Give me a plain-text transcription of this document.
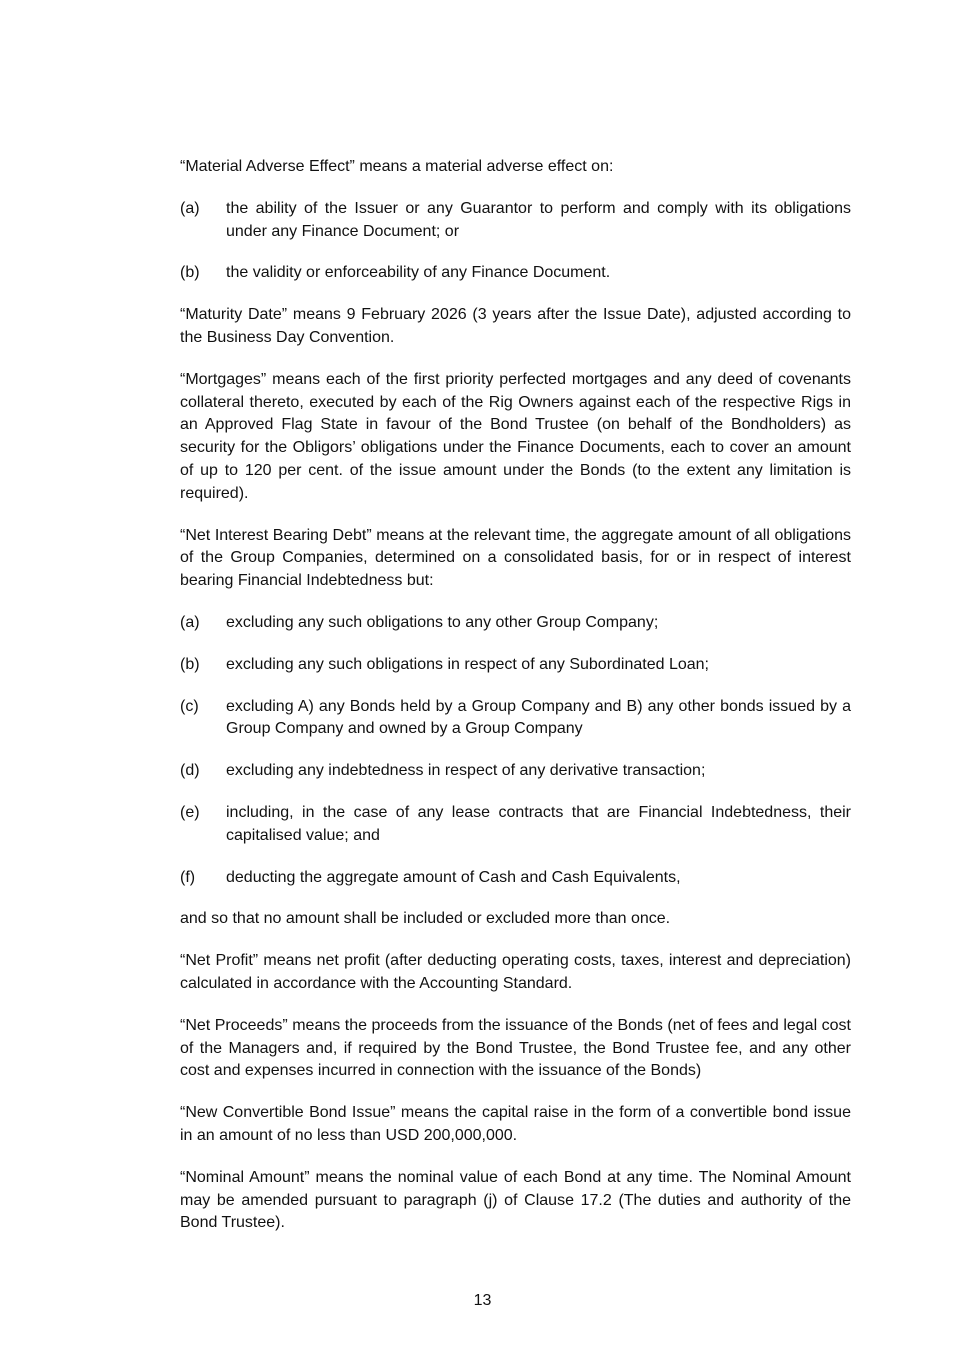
“Material Adverse Effect” means a material adverse effect on:

(a)	the ability of the Issuer or any Guarantor to perform and comply with its obligations under any Finance Document; or
(b)	the validity or enforceability of any Finance Document.

“Maturity Date” means 9 February 2026 (3 years after the Issue Date), adjusted according to the Business Day Convention.

“Mortgages” means each of the first priority perfected mortgages and any deed of covenants collateral thereto, executed by each of the Rig Owners against each of the respective Rigs in an Approved Flag State in favour of the Bond Trustee (on behalf of the Bondholders) as security for the Obligors’ obligations under the Finance Documents, each to cover an amount of up to 120 per cent. of the issue amount under the Bonds (to the extent any limitation is required).

“Net Interest Bearing Debt” means at the relevant time, the aggregate amount of all obligations of the Group Companies, determined on a consolidated basis, for or in respect of interest bearing Financial Indebtedness but:

(a)	excluding any such obligations to any other Group Company;
(b)	excluding any such obligations in respect of any Subordinated Loan;
(c)	excluding A) any Bonds held by a Group Company and B) any other bonds issued by a Group Company and owned by a Group Company
(d)	excluding any indebtedness in respect of any derivative transaction;
(e)	including, in the case of any lease contracts that are Financial Indebtedness, their capitalised value; and
(f)	deducting the aggregate amount of Cash and Cash Equivalents,

and so that no amount shall be included or excluded more than once.

“Net Profit” means net profit (after deducting operating costs, taxes, interest and depreciation) calculated in accordance with the Accounting Standard.

“Net Proceeds” means the proceeds from the issuance of the Bonds (net of fees and legal cost of the Managers and, if required by the Bond Trustee, the Bond Trustee fee, and any other cost and expenses incurred in connection with the issuance of the Bonds)

“New Convertible Bond Issue” means the capital raise in the form of a convertible bond issue in an amount of no less than USD 200,000,000.

“Nominal Amount” means the nominal value of each Bond at any time. The Nominal Amount may be amended pursuant to paragraph (j) of Clause 17.2 (The duties and authority of the Bond Trustee).

13
